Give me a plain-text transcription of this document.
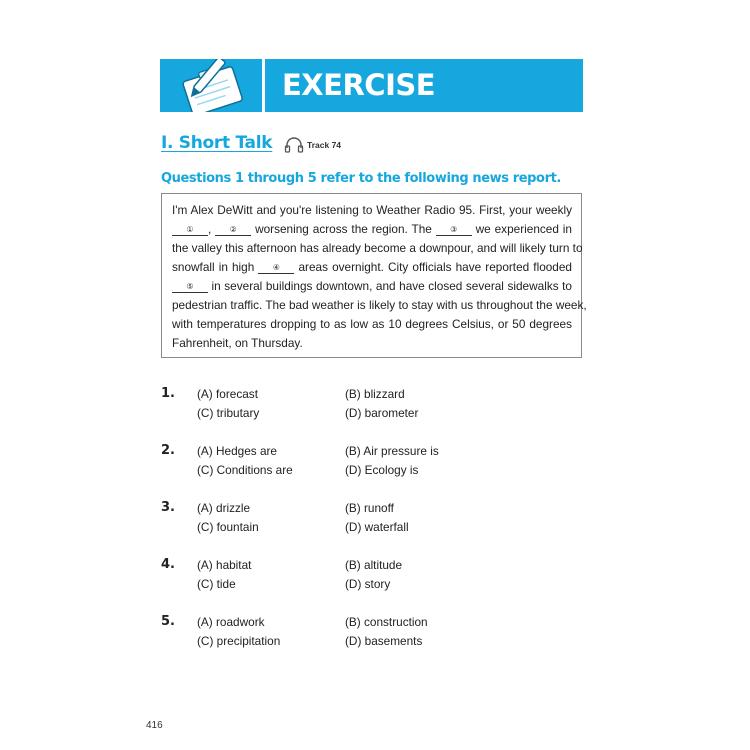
EXERCISE
I. Short Talk	Track 74
Questions 1 through 5 refer to the following news report.
I'm Alex DeWitt and you're listening to Weather Radio 95. First, your weekly
① , ② worsening across the region. The ③ we experienced in
the valley this afternoon has already become a downpour, and will likely turn to
snowfall in high ④ areas overnight. City officials have reported flooded
⑤ in several buildings downtown, and have closed several sidewalks to
pedestrian traffic. The bad weather is likely to stay with us throughout the week,
with temperatures dropping to as low as 10 degrees Celsius, or 50 degrees
Fahrenheit, on Thursday.
1. (A) forecast	(B) blizzard
(C) tributary	(D) barometer
2. (A) Hedges are	(B) Air pressure is
(C) Conditions are	(D) Ecology is
3. (A) drizzle	(B) runoff
(C) fountain	(D) waterfall
4. (A) habitat	(B) altitude
(C) tide	(D) story
5. (A) roadwork	(B) construction
(C) precipitation	(D) basements
416
